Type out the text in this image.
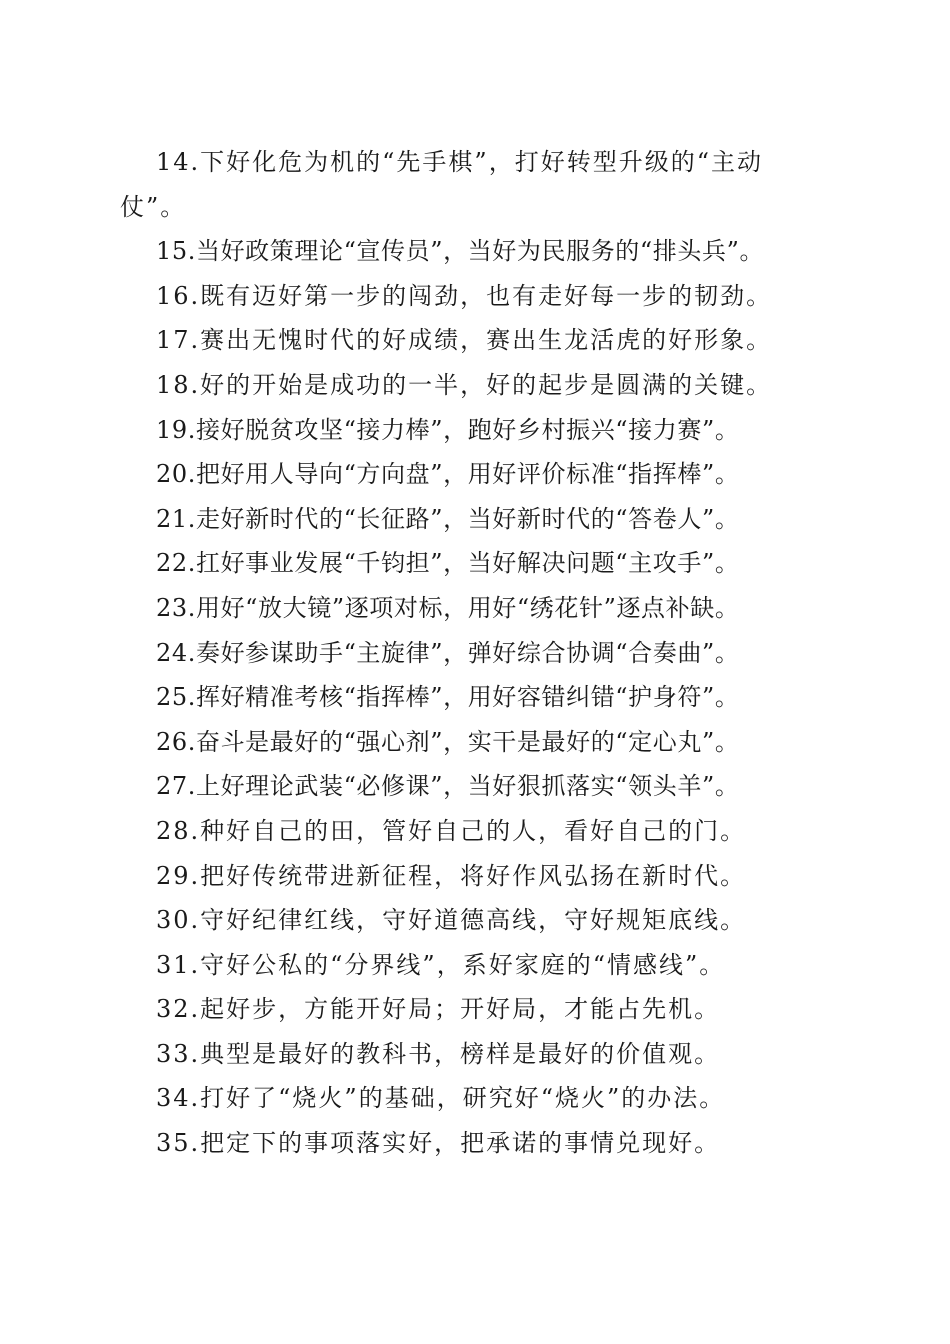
14.下好化危为机的“先手棋”，打好转型升级的“主动
仗”。
15.当好政策理论“宣传员”，当好为民服务的“排头兵”。
16.既有迈好第一步的闯劲，也有走好每一步的韧劲。
17.赛出无愧时代的好成绩，赛出生龙活虎的好形象。
18.好的开始是成功的一半，好的起步是圆满的关键。
19.接好脱贫攻坚“接力棒”，跑好乡村振兴“接力赛”。
20.把好用人导向“方向盘”，用好评价标准“指挥棒”。
21.走好新时代的“长征路”，当好新时代的“答卷人”。
22.扛好事业发展“千钧担”，当好解决问题“主攻手”。
23.用好“放大镜”逐项对标，用好“绣花针”逐点补缺。
24.奏好参谋助手“主旋律”，弹好综合协调“合奏曲”。
25.挥好精准考核“指挥棒”，用好容错纠错“护身符”。
26.奋斗是最好的“强心剂”，实干是最好的“定心丸”。
27.上好理论武装“必修课”，当好狠抓落实“领头羊”。
28.种好自己的田，管好自己的人，看好自己的门。
29.把好传统带进新征程，将好作风弘扬在新时代。
30.守好纪律红线，守好道德高线，守好规矩底线。
31.守好公私的“分界线”，系好家庭的“情感线”。
32.起好步，方能开好局；开好局，才能占先机。
33.典型是最好的教科书，榜样是最好的价值观。
34.打好了“烧火”的基础，研究好“烧火”的办法。
35.把定下的事项落实好，把承诺的事情兑现好。
